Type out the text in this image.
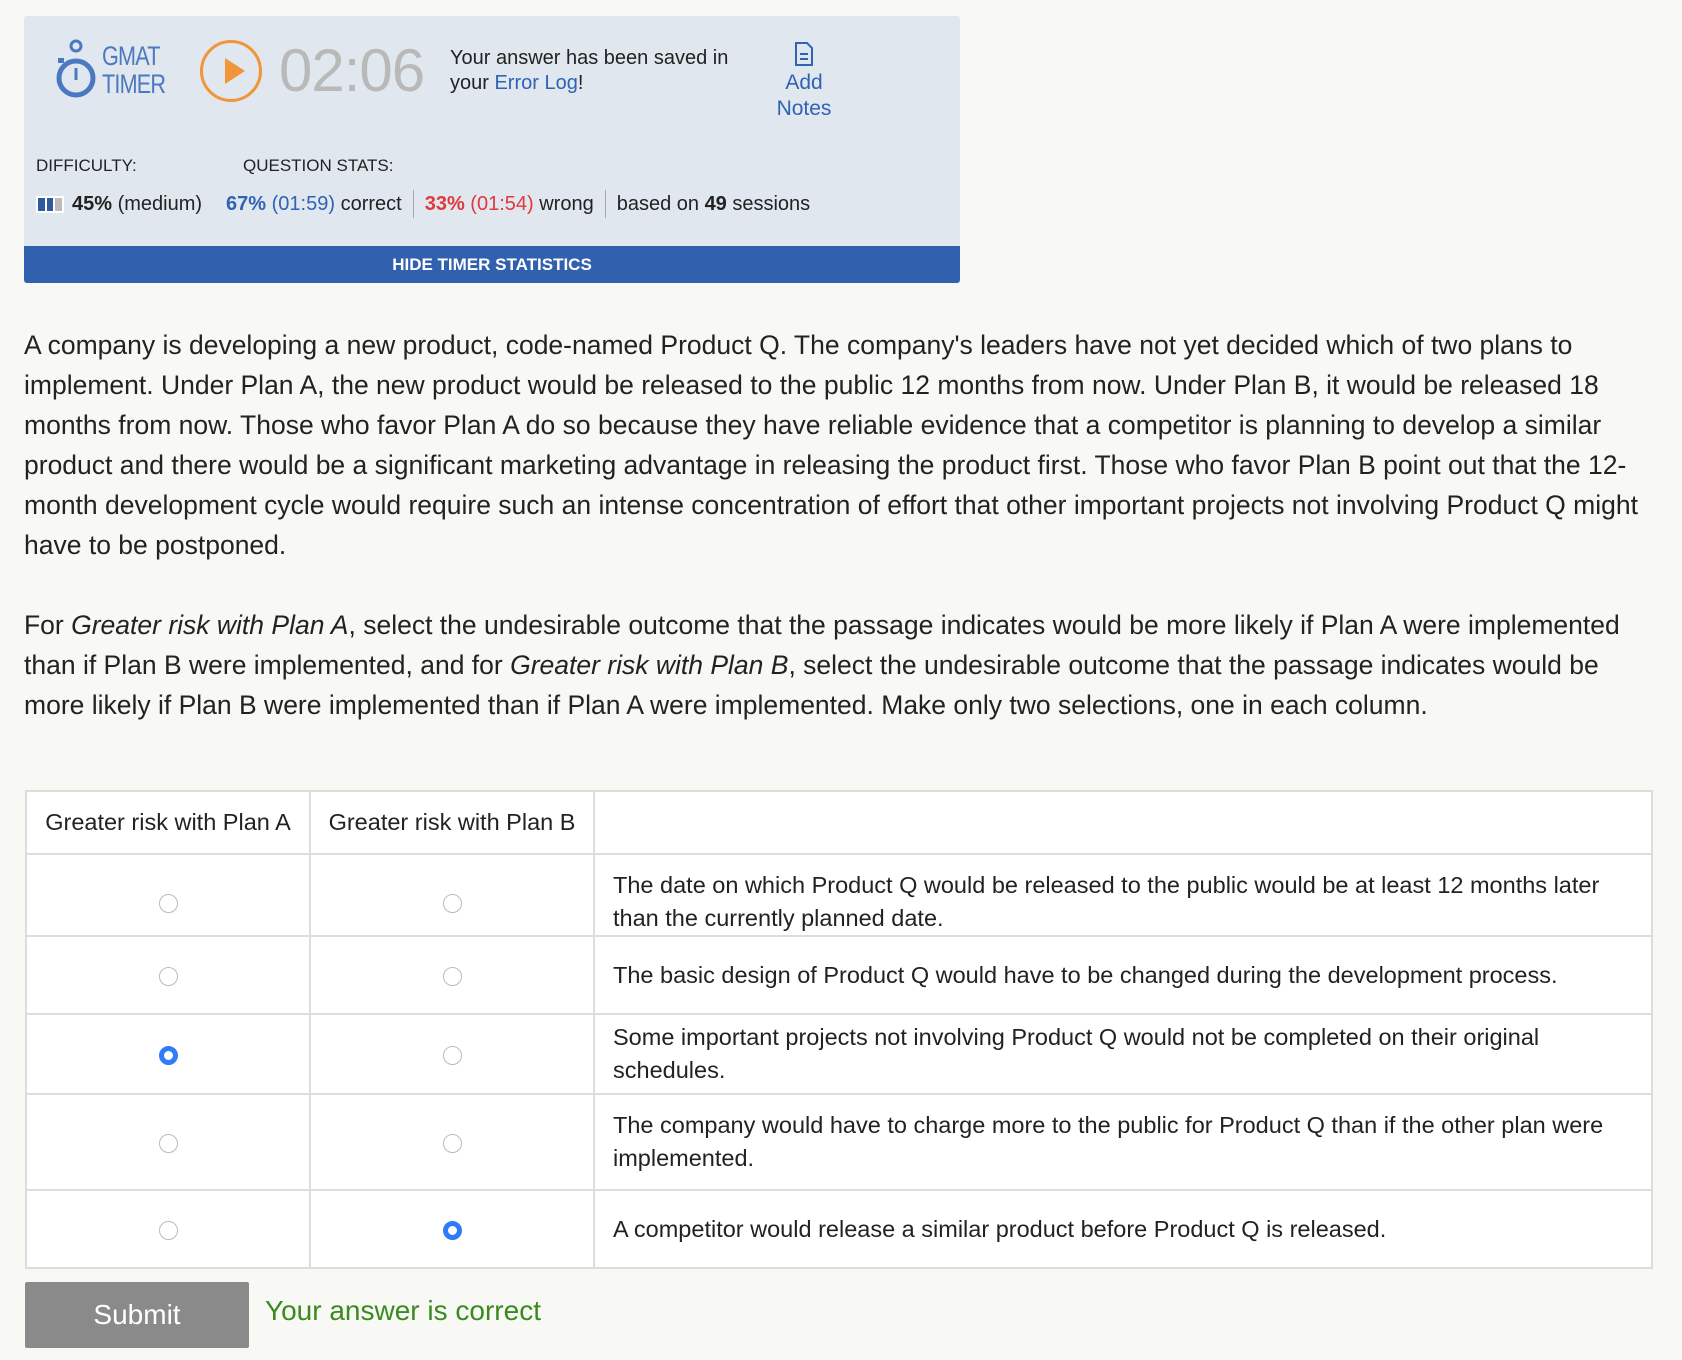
GMAT
TIMER 02:06 Your answer has been saved in your Error Log!	Add
Notes
DIFFICULTY:	QUESTION STATS:
45% (medium) 67% (01:59) correct 33% (01:54) wrong based on 49 sessions
HIDE TIMER STATISTICS
A company is developing a new product, code-named Product Q. The company's leaders have not yet decided which of two plans to implement. Under Plan A, the new product would be released to the public 12 months from now. Under Plan B, it would be released 18 months from now. Those who favor Plan A do so because they have reliable evidence that a competitor is planning to develop a similar product and there would be a significant marketing advantage in releasing the product first. Those who favor Plan B point out that the 12-month development cycle would require such an intense concentration of effort that other important projects not involving Product Q might have to be postponed.
For Greater risk with Plan A, select the undesirable outcome that the passage indicates would be more likely if Plan A were implemented than if Plan B were implemented, and for Greater risk with Plan B, select the undesirable outcome that the passage indicates would be more likely if Plan B were implemented than if Plan A were implemented. Make only two selections, one in each column.
Greater risk with Plan A	Greater risk with Plan B	
		The date on which Product Q would be released to the public would be at least 12 months later than the currently planned date.
		The basic design of Product Q would have to be changed during the development process.
		Some important projects not involving Product Q would not be completed on their original schedules.
		The company would have to charge more to the public for Product Q than if the other plan were implemented.
		A competitor would release a similar product before Product Q is released.
Submit	Your answer is correct
